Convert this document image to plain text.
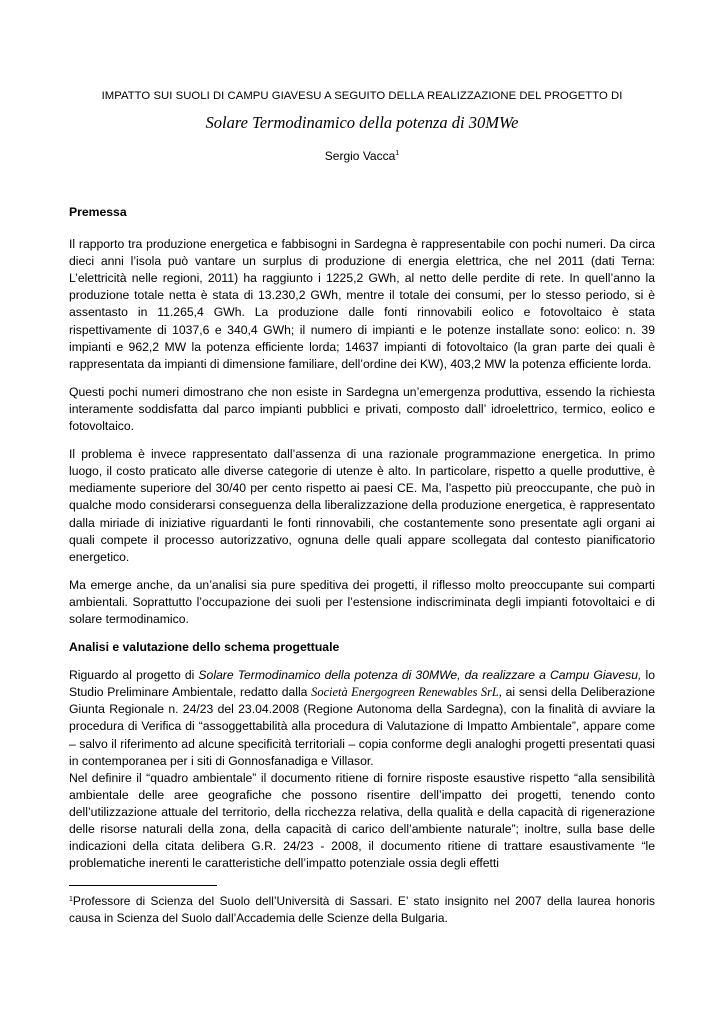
IMPATTO SUI SUOLI DI CAMPU GIAVESU A SEGUITO DELLA REALIZZAZIONE DEL PROGETTO DI
Solare Termodinamico della potenza di 30MWe
Sergio Vacca$^1$

Premessa

Il rapporto tra produzione energetica e fabbisogni in Sardegna è rappresentabile con pochi numeri. Da circa dieci anni l’isola può vantare un surplus di produzione di energia elettrica, che nel 2011 (dati Terna: L’elettricità nelle regioni, 2011) ha raggiunto i 1225,2 GWh, al netto delle perdite di rete. In quell’anno la produzione totale netta è stata di 13.230,2 GWh, mentre il totale dei consumi, per lo stesso periodo, si è assentasto in 11.265,4 GWh. La produzione dalle fonti rinnovabili eolico e fotovoltaico è stata rispettivamente di 1037,6 e 340,4 GWh; il numero di impianti e le potenze installate sono: eolico: n. 39 impianti e 962,2 MW la potenza efficiente lorda; 14637 impianti di fotovoltaico (la gran parte dei quali è rappresentata da impianti di dimensione familiare, dell’ordine dei KW), 403,2 MW la potenza efficiente lorda.

Questi pochi numeri dimostrano che non esiste in Sardegna un’emergenza produttiva, essendo la richiesta interamente soddisfatta dal parco impianti pubblici e privati, composto dall’ idroelettrico, termico, eolico e fotovoltaico.

Il problema è invece rappresentato dall’assenza di una razionale programmazione energetica. In primo luogo, il costo praticato alle diverse categorie di utenze è alto. In particolare, rispetto a quelle produttive, è mediamente superiore del 30/40 per cento rispetto ai paesi CE. Ma, l’aspetto più preoccupante, che può in qualche modo considerarsi conseguenza della liberalizzazione della produzione energetica, è rappresentato dalla miriade di iniziative riguardanti le fonti rinnovabili, che costantemente sono presentate agli organi ai quali compete il processo autorizzativo, ognuna delle quali appare scollegata dal contesto pianificatorio energetico.

Ma emerge anche, da un’analisi sia pure speditiva dei progetti, il riflesso molto preoccupante sui comparti ambientali. Soprattutto l’occupazione dei suoli per l’estensione indiscriminata degli impianti fotovoltaici e di solare termodinamico.

Analisi e valutazione dello schema progettuale

Riguardo al progetto di Solare Termodinamico della potenza di 30MWe, da realizzare a Campu Giavesu, lo Studio Preliminare Ambientale, redatto dalla Società Energogreen Renewables SrL, ai sensi della Deliberazione Giunta Regionale n. 24/23 del 23.04.2008 (Regione Autonoma della Sardegna), con la finalità di avviare la procedura di Verifica di “assoggettabilità alla procedura di Valutazione di Impatto Ambientale”, appare come – salvo il riferimento ad alcune specificità territoriali – copia conforme degli analoghi progetti presentati quasi in contemporanea per i siti di Gonnosfanadiga e Villasor.

Nel definire il “quadro ambientale” il documento ritiene di fornire risposte esaustive rispetto “alla sensibilità ambientale delle aree geografiche che possono risentire dell’impatto dei progetti, tenendo conto dell’utilizzazione attuale del territorio, della ricchezza relativa, della qualità e della capacità di rigenerazione delle risorse naturali della zona, della capacità di carico dell’ambiente naturale”; inoltre, sulla base delle indicazioni della citata delibera G.R. 24/23 - 2008, il documento ritiene di trattare esaustivamente “le problematiche inerenti le caratteristiche dell’impatto potenziale ossia degli effetti

$^1$Professore di Scienza del Suolo dell’Università di Sassari. E’ stato insignito nel 2007 della laurea honoris causa in Scienza del Suolo dall’Accademia delle Scienze della Bulgaria.
